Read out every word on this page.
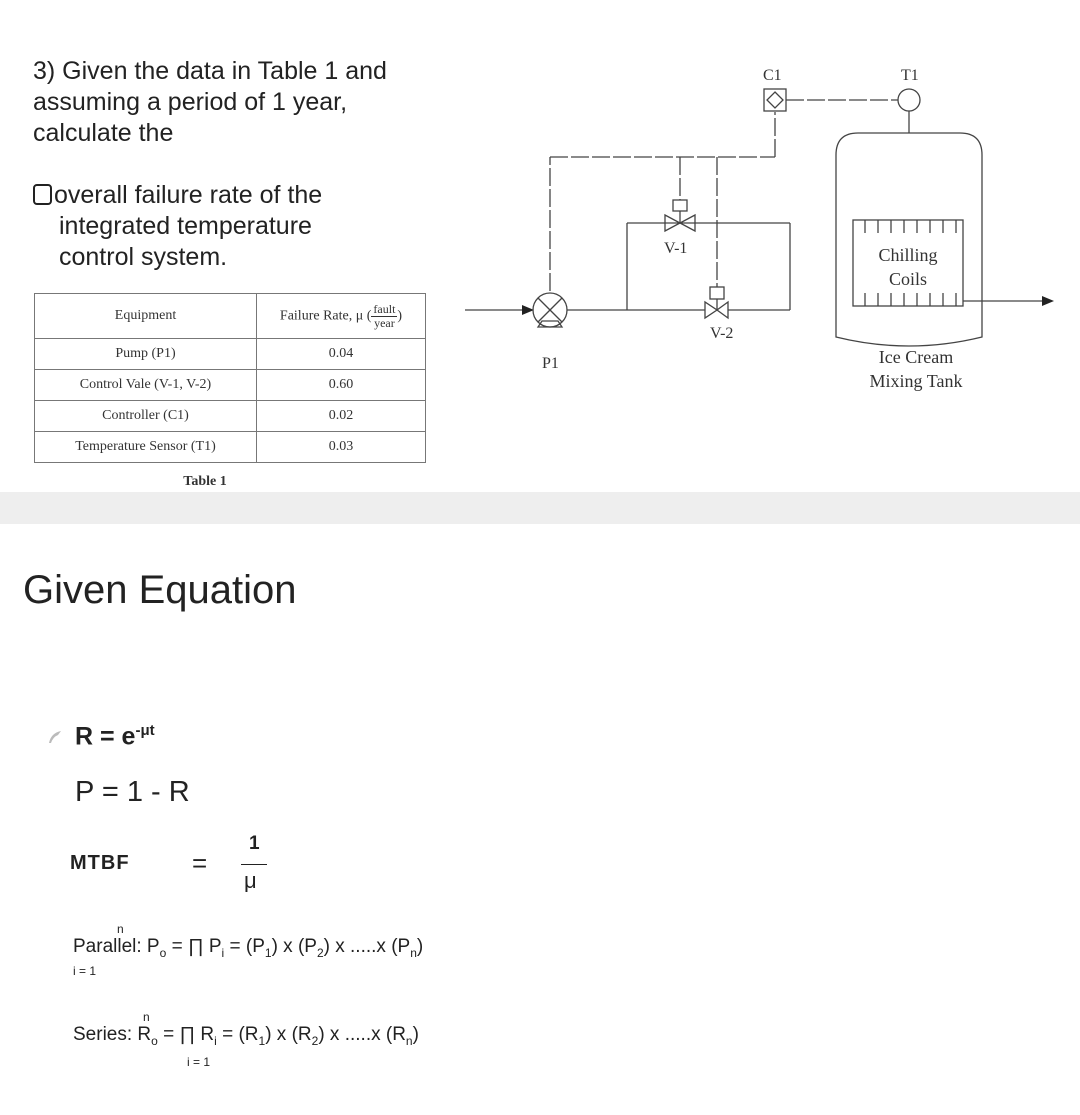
3) Given the data in Table 1 and
assuming a period of 1 year,
calculate the
overall failure rate of the
integrated temperature
control system.
Equipment	Failure Rate, μ ( $\frac{\text{fault}}{\text{year}}$ )
Pump (P1)	0.04
Control Vale (V-1, V-2)	0.60
Controller (C1)	0.02
Temperature Sensor (T1)	0.03
Table 1
C1	T1
V-1
V-2
P1
Chilling
Coils
Ice Cream
Mixing Tank
Given Equation
$R = e^{-\mu t}$
P = 1 - R
MTBF =
1
μ
n
Parallel: $P_o$ = ∏ $P_i = (P_1)$ x $(P_2)$ x .....x $(P_n)$
i = 1
n
Series: $R_o$ = ∏ $R_i = (R_1)$ x $(R_2)$ x .....x $(R_n)$
i = 1
